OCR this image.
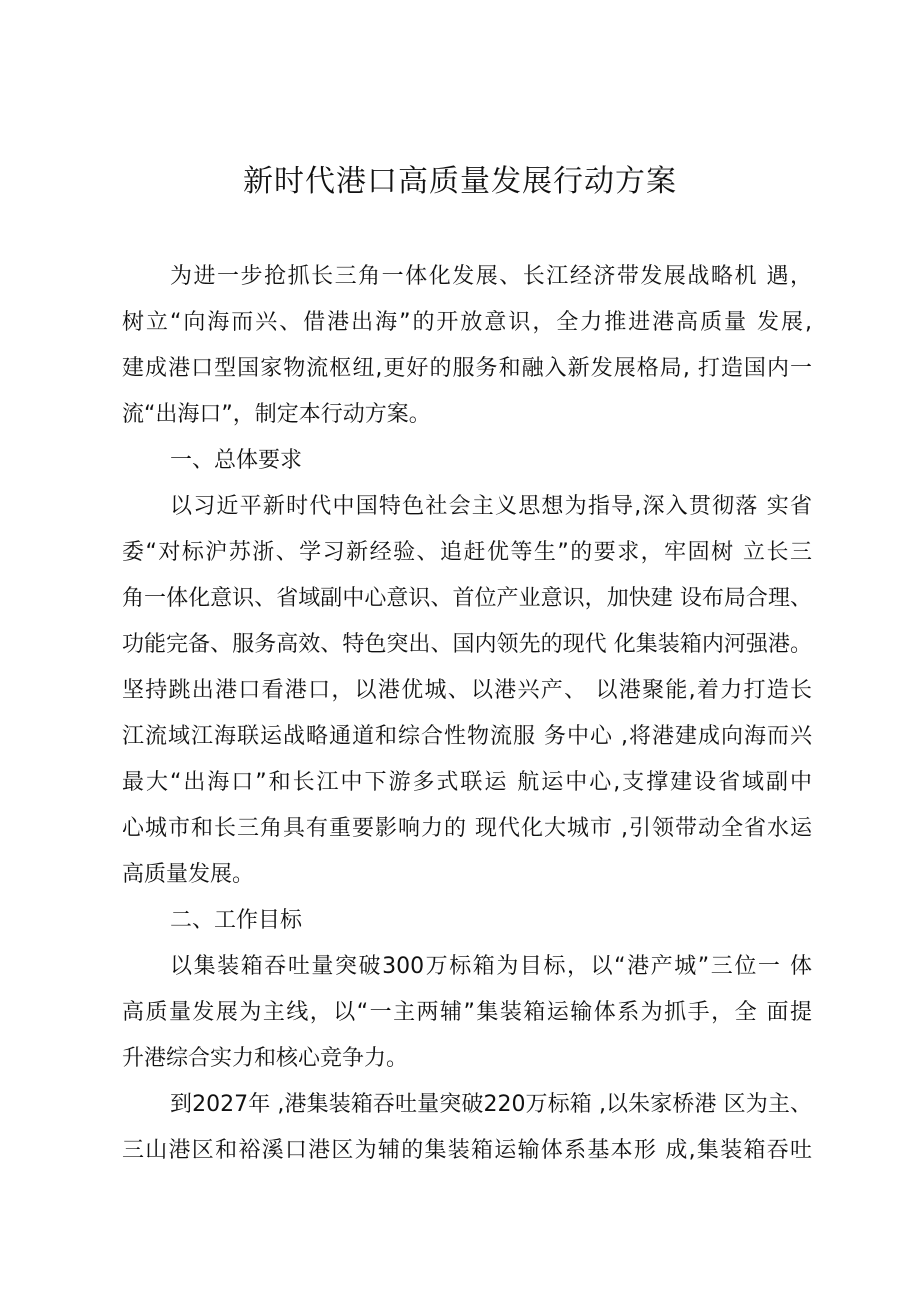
新时代港口高质量发展行动方案
为进一步抢抓长三角一体化发展、长江经济带发展战略机 遇，
树立“向海而兴、借港出海”的开放意识，全力推进港高质量 发展,
建成港口型国家物流枢纽,更好的服务和融入新发展格局, 打造国内一
流“出海口”，制定本行动方案。
一、总体要求
以习近平新时代中国特色社会主义思想为指导,深入贯彻落 实省
委“对标沪苏浙、学习新经验、追赶优等生”的要求，牢固树 立长三
角一体化意识、省域副中心意识、首位产业意识，加快建 设布局合理、
功能完备、服务高效、特色突出、国内领先的现代 化集装箱内河强港。
坚持跳出港口看港口，以港优城、以港兴产、 以港聚能,着力打造长
江流域江海联运战略通道和综合性物流服 务中心 ,将港建成向海而兴
最大“出海口”和长江中下游多式联运 航运中心,支撑建设省域副中
心城市和长三角具有重要影响力的 现代化大城市 ,引领带动全省水运
高质量发展。
二、工作目标
以集装箱吞吐量突破300万标箱为目标，以“港产城”三位一 体
高质量发展为主线，以“一主两辅”集装箱运输体系为抓手，全 面提
升港综合实力和核心竞争力。
到2027年 ,港集装箱吞吐量突破220万标箱 ,以朱家桥港 区为主、
三山港区和裕溪口港区为辅的集装箱运输体系基本形 成,集装箱吞吐
